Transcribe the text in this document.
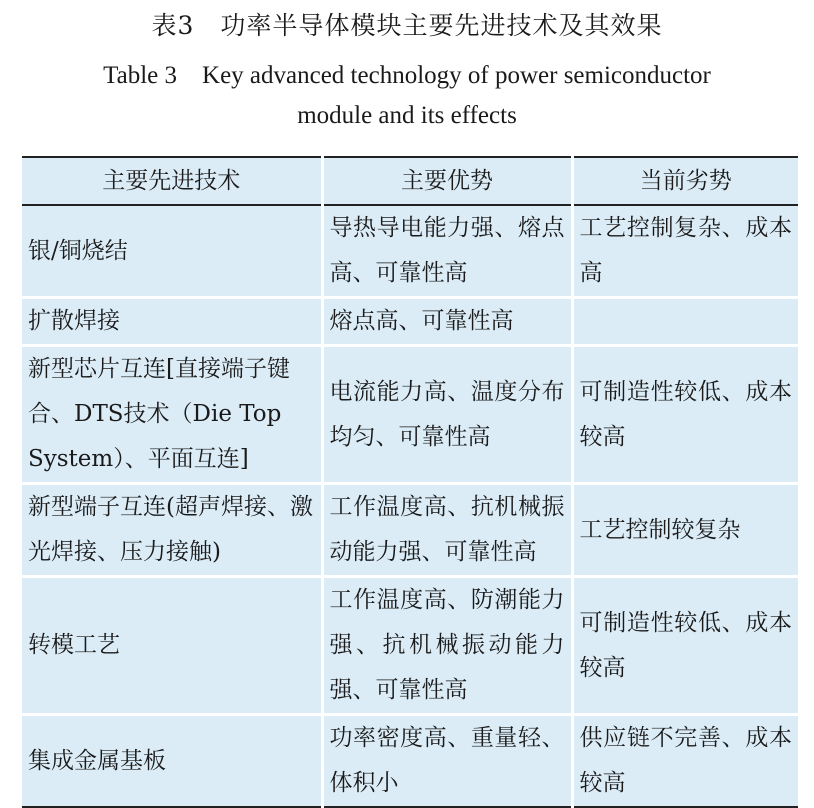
表3　功率半导体模块主要先进技术及其效果
Table 3　Key advanced technology of power semiconductor
module and its effects
主要先进技术	主要优势	当前劣势
银/铜烧结	导热导电能力强、熔点高、可靠性高	工艺控制复杂、成本高
扩散焊接	熔点高、可靠性高	
新型芯片互连[直接端子键合、DTS技术（Die Top System）、平面互连]	电流能力高、温度分布均匀、可靠性高	可制造性较低、成本较高
新型端子互连(超声焊接、激光焊接、压力接触)	工作温度高、抗机械振动能力强、可靠性高	工艺控制较复杂
转模工艺	工作温度高、防潮能力强、抗机械振动能力强、可靠性高	可制造性较低、成本较高
集成金属基板	功率密度高、重量轻、体积小	供应链不完善、成本较高
